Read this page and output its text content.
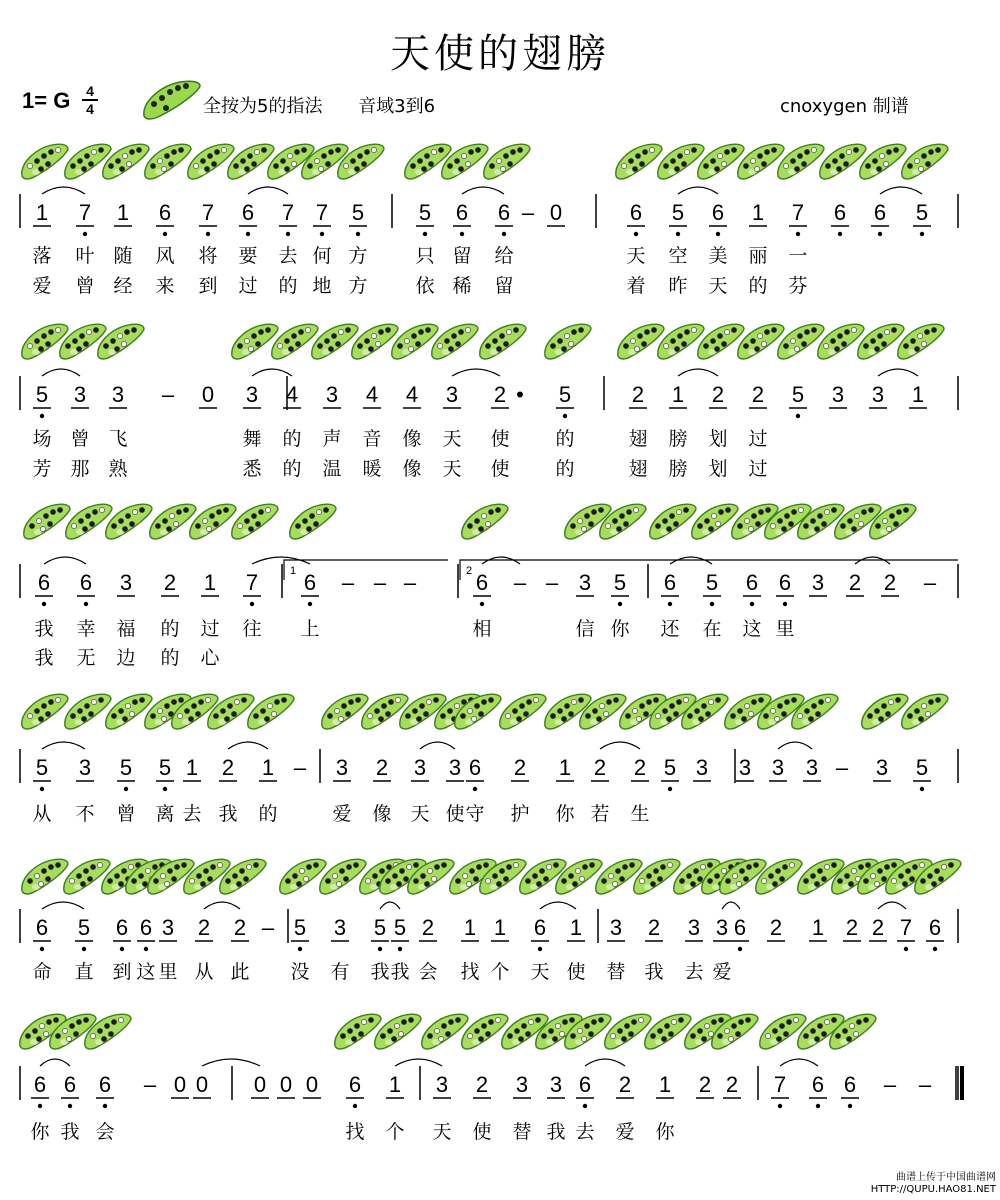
天使的翅膀
1= G 4
4	全按为5的指法 音域3到6	cnoxygen 制谱
1 7 1 6 7 6 7 7 5 5 6 6 – 0	6 5 6 1 7 6 6 5
落 叶 随 风 将 要 去 何 方	只 留 给	天 空 美 丽 一
爱 曾 经 来 到 过 的 地 方	依 稀 留	着 昨 天 的 芬
5 3 3 – 0 3 4 3 4 4 3 2 • 5	2 1 2 2 5 3 3 1
场 曾 飞	舞 的 声 音 像 天 使 的	翅 膀 划 过
芳 那 熟	悉 的 温 暖 像 天 使 的	翅 膀 划 过
6 6 3 2 1 7 6 – – –	6 – – 3 5 6 5 6 6 3 2 2 –
我 幸 福 的 过 往 上	相	信 你 还 在 这 里
我 无 边 的 心
5 3 5 5 1 2 1 – 3 2 3 3 6 2 1 2 2 5 3 3 3 3 – 3 5
从 不 曾 离 去 我 的	爱 像 天 使 守 护 你 若 生
6 5 6 6 3 2 2 – 5 3 5 5 2 1 1 6 1 3 2 3 3 6 2 1 2 2 7 6
命 直 到 这 里 从 此 没 有 我 我 会 找 个 天 使 替 我 去 爱
6 6 6 – 0 0 0 0 0 6 1 3 2 3 3 6 2 1 2 2 7 6 6 – –
你 我 会	找 个 天 使 替 我 去 爱 你
1	2
曲谱上传于中国曲谱网
HTTP://QUPU.HAO81.NET
